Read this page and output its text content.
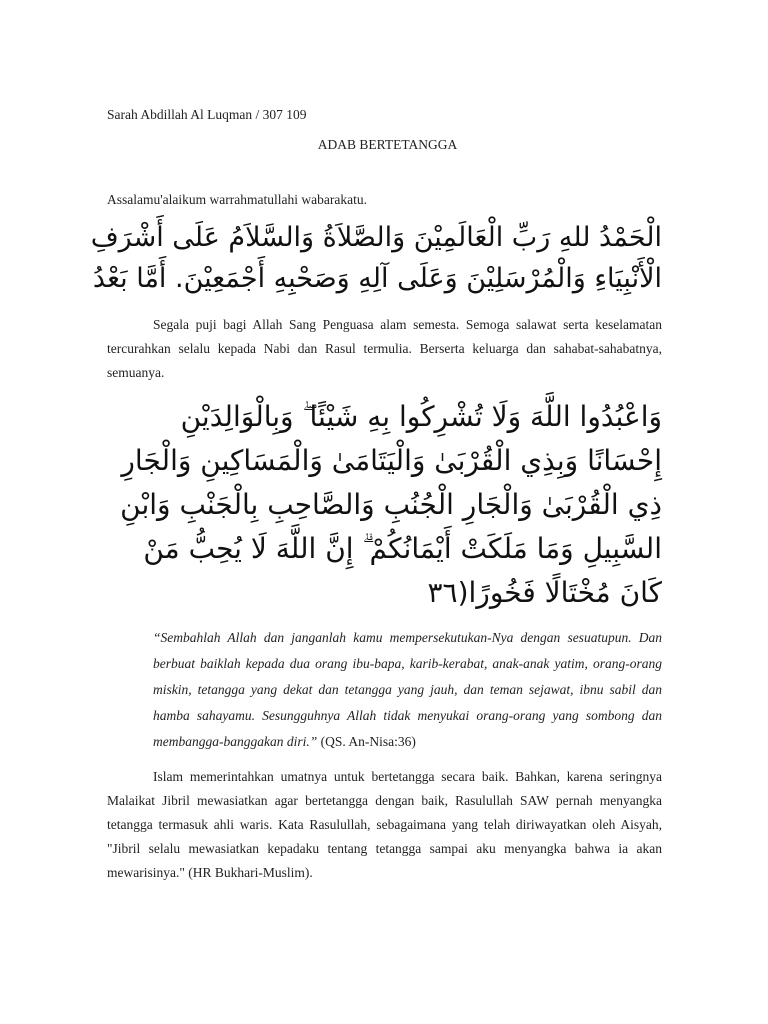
Sarah Abdillah Al Luqman / 307 109

ADAB BERTETANGGA

Assalamu'alaikum warrahmatullahi wabarakatu.

الْحَمْدُ للهِ رَبِّ الْعَالَمِيْنَ وَالصَّلاَةُ وَالسَّلاَمُ عَلَى أَشْرَفِ
الْأَنْبِيَاءِ وَالْمُرْسَلِيْنَ وَعَلَى آلِهِ وَصَحْبِهِ أَجْمَعِيْنَ. أَمَّا بَعْدُ

Segala puji bagi Allah Sang Penguasa alam semesta. Semoga salawat serta keselamatan tercurahkan selalu kepada Nabi dan Rasul termulia. Berserta keluarga dan sahabat-sahabatnya, semuanya.

وَاعْبُدُوا اللَّهَ وَلَا تُشْرِكُوا بِهِ شَيْئًا ۖ وَبِالْوَالِدَيْنِ
إِحْسَانًا وَبِذِي الْقُرْبَىٰ وَالْيَتَامَىٰ وَالْمَسَاكِينِ وَالْجَارِ
ذِي الْقُرْبَىٰ وَالْجَارِ الْجُنُبِ وَالصَّاحِبِ بِالْجَنْبِ وَابْنِ
السَّبِيلِ وَمَا مَلَكَتْ أَيْمَانُكُمْ ۗ إِنَّ اللَّهَ لَا يُحِبُّ مَنْ
كَانَ مُخْتَالًا فَخُورًا(٣٦

“Sembahlah Allah dan janganlah kamu mempersekutukan-Nya dengan sesuatupun. Dan berbuat baiklah kepada dua orang ibu-bapa, karib-kerabat, anak-anak yatim, orang-orang miskin, tetangga yang dekat dan tetangga yang jauh, dan teman sejawat, ibnu sabil dan hamba sahayamu. Sesungguhnya Allah tidak menyukai orang-orang yang sombong dan membangga-banggakan diri.” (QS. An-Nisa:36)

Islam memerintahkan umatnya untuk bertetangga secara baik. Bahkan, karena seringnya Malaikat Jibril mewasiatkan agar bertetangga dengan baik, Rasulullah SAW pernah menyangka tetangga termasuk ahli waris. Kata Rasulullah, sebagaimana yang telah diriwayatkan oleh Aisyah, "Jibril selalu mewasiatkan kepadaku tentang tetangga sampai aku menyangka bahwa ia akan mewarisinya." (HR Bukhari-Muslim).
